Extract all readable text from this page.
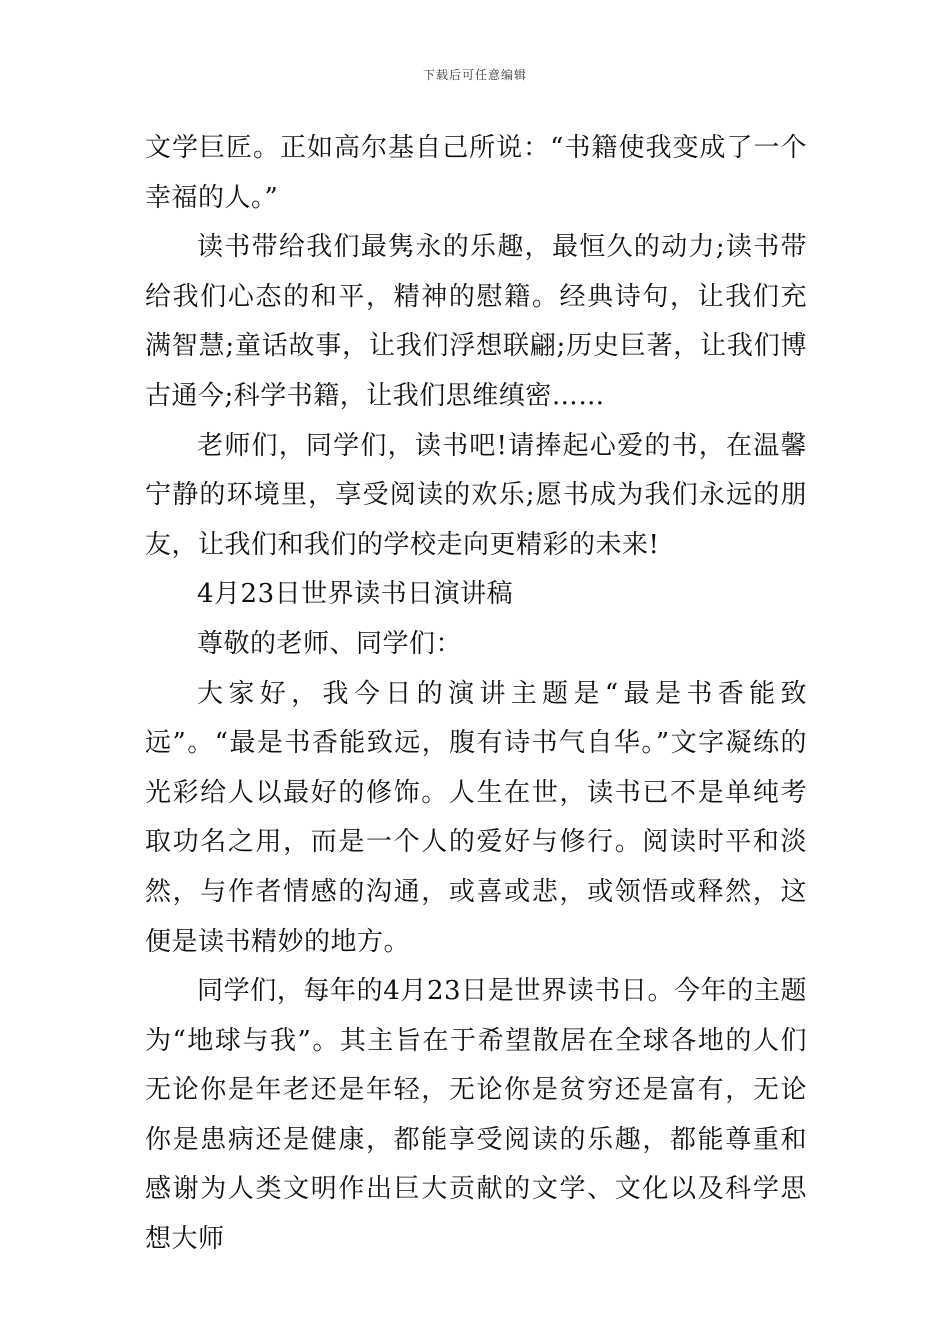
下载后可任意编辑

文学巨匠。正如高尔基自己所说：“书籍使我变成了一个幸福的人。”

读书带给我们最隽永的乐趣，最恒久的动力;读书带给我们心态的和平，精神的慰籍。经典诗句，让我们充满智慧;童话故事，让我们浮想联翩;历史巨著，让我们博古通今;科学书籍，让我们思维缜密……

老师们，同学们，读书吧!请捧起心爱的书，在温馨宁静的环境里，享受阅读的欢乐;愿书成为我们永远的朋友，让我们和我们的学校走向更精彩的未来!

4月23日世界读书日演讲稿

尊敬的老师、同学们：

大家好，我今日的演讲主题是“最是书香能致远”。“最是书香能致远，腹有诗书气自华。”文字凝练的光彩给人以最好的修饰。人生在世，读书已不是单纯考取功名之用，而是一个人的爱好与修行。阅读时平和淡然，与作者情感的沟通，或喜或悲，或领悟或释然，这便是读书精妙的地方。

同学们，每年的4月23日是世界读书日。今年的主题为“地球与我”。其主旨在于希望散居在全球各地的人们无论你是年老还是年轻，无论你是贫穷还是富有，无论你是患病还是健康，都能享受阅读的乐趣，都能尊重和感谢为人类文明作出巨大贡献的文学、文化以及科学思想大师
